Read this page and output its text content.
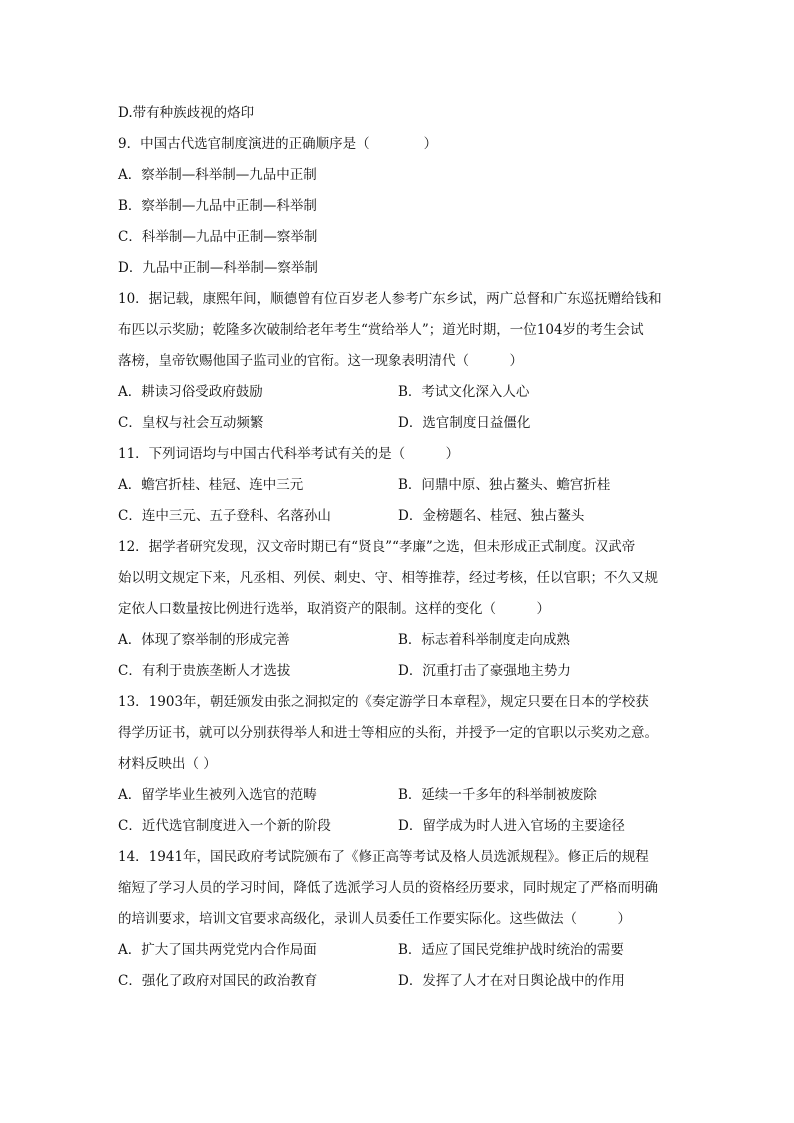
D.带有种族歧视的烙印
9．中国古代选官制度演进的正确顺序是（　　　　）
A．察举制—科举制—九品中正制
B．察举制—九品中正制—科举制
C．科举制—九品中正制—察举制
D．九品中正制—科举制—察举制
10．据记载，康熙年间，顺德曾有位百岁老人参考广东乡试，两广总督和广东巡抚赠给钱和
布匹以示奖励；乾隆多次破制给老年考生“赏给举人”；道光时期，一位104岁的考生会试
落榜，皇帝钦赐他国子监司业的官衔。这一现象表明清代（　　　）
A．耕读习俗受政府鼓励	B．考试文化深入人心
C．皇权与社会互动频繁	D．选官制度日益僵化
11．下列词语均与中国古代科举考试有关的是（　　　）
A．蟾宫折桂、桂冠、连中三元	B．问鼎中原、独占鳌头、蟾宫折桂
C．连中三元、五子登科、名落孙山	D．金榜题名、桂冠、独占鳌头
12．据学者研究发现，汉文帝时期已有“贤良”“孝廉”之选，但未形成正式制度。汉武帝
始以明文规定下来，凡丞相、列侯、刺史、守、相等推荐，经过考核，任以官职；不久又规
定依人口数量按比例进行选举，取消资产的限制。这样的变化（　　　）
A．体现了察举制的形成完善	B．标志着科举制度走向成熟
C．有利于贵族垄断人才选拔	D．沉重打击了豪强地主势力
13．1903年，朝廷颁发由张之洞拟定的《奏定游学日本章程》，规定只要在日本的学校获
得学历证书，就可以分别获得举人和进士等相应的头衔，并授予一定的官职以示奖劝之意。
材料反映出（ ）
A．留学毕业生被列入选官的范畴	B．延续一千多年的科举制被废除
C．近代选官制度进入一个新的阶段	D．留学成为时人进入官场的主要途径
14．1941年，国民政府考试院颁布了《修正高等考试及格人员选派规程》。修正后的规程
缩短了学习人员的学习时间，降低了选派学习人员的资格经历要求，同时规定了严格而明确
的培训要求，培训文官要求高级化，录训人员委任工作要实际化。这些做法（　　　）
A．扩大了国共两党党内合作局面	B．适应了国民党维护战时统治的需要
C．强化了政府对国民的政治教育	D．发挥了人才在对日舆论战中的作用
